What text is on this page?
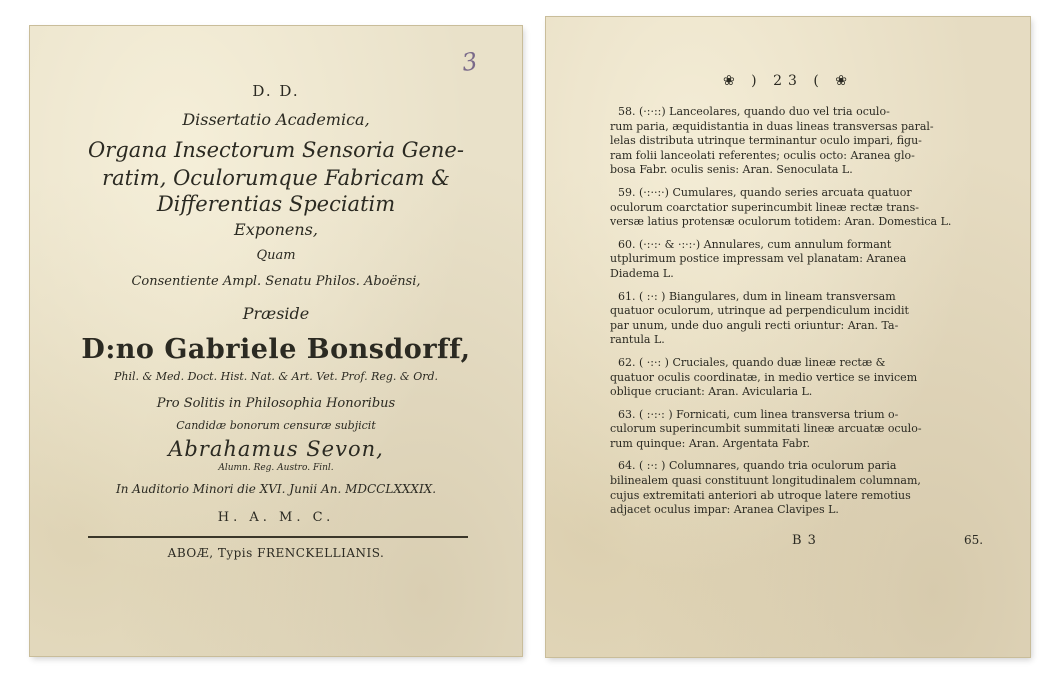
3
D. D.
Dissertatio Academica,
Organa Insectorum Sensoria Gene-
ratim, Oculorumque Fabricam &
Differentias Speciatim
Exponens,
Quam
Consentiente Ampl. Senatu Philos. Aboënsi,
Præside
D:no Gabriele Bonsdorff,
Phil. & Med. Doct. Hist. Nat. & Art. Vet. Prof. Reg. & Ord.
Pro Solitis in Philosophia Honoribus
Candidæ bonorum censuræ subjicit
Abrahamus Sevon,
Alumn. Reg. Austro. Finl.
In Auditorio Minori die XVI. Junii An. MDCCLXXXIX.
H. A. M. C.
ABOÆ, Typis FRENCKELLIANIS.
❀ ) 23 ( ❀
58. (·:·::) Lanceolares, quando duo vel tria oculo-
rum paria, æquidistantia in duas lineas transversas paral-
lelas distributa utrinque terminantur oculo impari, figu-
ram folii lanceolati referentes; oculis octo: Aranea glo-
bosa Fabr. oculis senis: Aran. Senoculata L.
59. (·:··:·) Cumulares, quando series arcuata quatuor
oculorum coarctatior superincumbit lineæ rectæ trans-
versæ latius protensæ oculorum totidem: Aran. Domestica L.
60. (·:·:· & ·:·:·) Annulares, cum annulum formant
utplurimum postice impressam vel planatam: Aranea
Diadema L.
61. ( :·: ) Biangulares, dum in lineam transversam
quatuor oculorum, utrinque ad perpendiculum incidit
par unum, unde duo anguli recti oriuntur: Aran. Ta-
rantula L.
62. ( ·:·: ) Cruciales, quando duæ lineæ rectæ &
quatuor oculis coordinatæ, in medio vertice se invicem
oblique cruciant: Aran. Avicularia L.
63. ( :·:·: ) Fornicati, cum linea transversa trium o-
culorum superincumbit summitati lineæ arcuatæ oculo-
rum quinque: Aran. Argentata Fabr.
64. ( :·: ) Columnares, quando tria oculorum paria
bilinealem quasi constituunt longitudinalem columnam,
cujus extremitati anteriori ab utroque latere remotius
adjacet oculus impar: Aranea Clavipes L.
B 3	65.
